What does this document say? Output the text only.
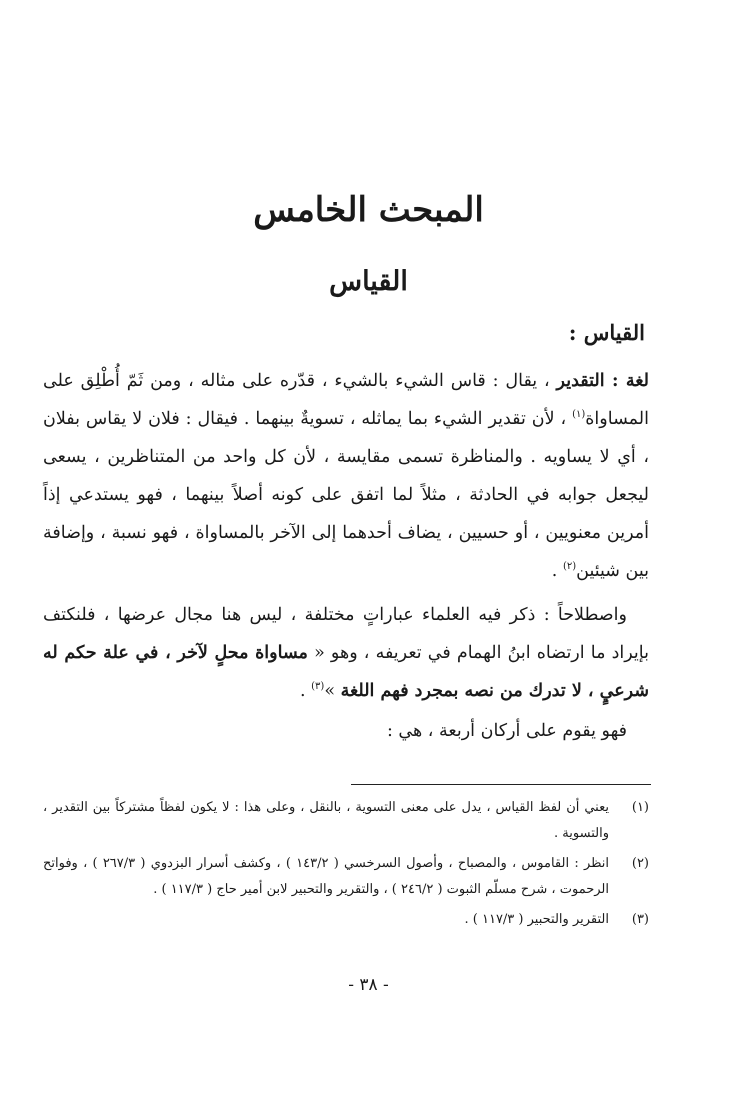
المبحث الخامس
القياس
القياس :

لغة : التقدير ، يقال : قاس الشيء بالشيء ، قدّره على مثاله ، ومن ثَمّ أُطْلِق على المساواة$^{(١)}$ ، لأن تقدير الشيء بما يماثله ، تسويةٌ بينهما . فيقال : فلان لا يقاس بفلان ، أي لا يساويه . والمناظرة تسمى مقايسة ، لأن كل واحد من المتناظرين ، يسعى ليجعل جوابه في الحادثة ، مثلاً لما اتفق على كونه أصلاً بينهما ، فهو يستدعي إذاً أمرين معنويين ، أو حسيين ، يضاف أحدهما إلى الآخر بالمساواة ، فهو نسبة ، وإضافة بين شيئين$^{(٢)}$ .

واصطلاحاً : ذكر فيه العلماء عباراتٍ مختلفة ، ليس هنا مجال عرضها ، فلنكتف بإيراد ما ارتضاه ابنُ الهمام في تعريفه ، وهو « مساواة محلٍ لآخر ، في علة حكم له شرعيٍ ، لا تدرك من نصه بمجرد فهم اللغة »$^{(٣)}$ .

فهو يقوم على أركان أربعة ، هي :

(١)
يعني أن لفظ القياس ، يدل على معنى التسوية ، بالنقل ، وعلى هذا : لا يكون لفظاً مشتركاً بين التقدير ، والتسوية .
(٢)
انظر : القاموس ، والمصباح ، وأصول السرخسي ( ١٤٣/٢ ) ، وكشف أسرار البزدوي ( ٢٦٧/٣ ) ، وفواتح الرحموت ، شرح مسلّم الثبوت ( ٢٤٦/٢ ) ، والتقرير والتحبير لابن أمير حاج ( ١١٧/٣ ) .
(٣)
التقرير والتحبير ( ١١٧/٣ ) .

- ٣٨ -
